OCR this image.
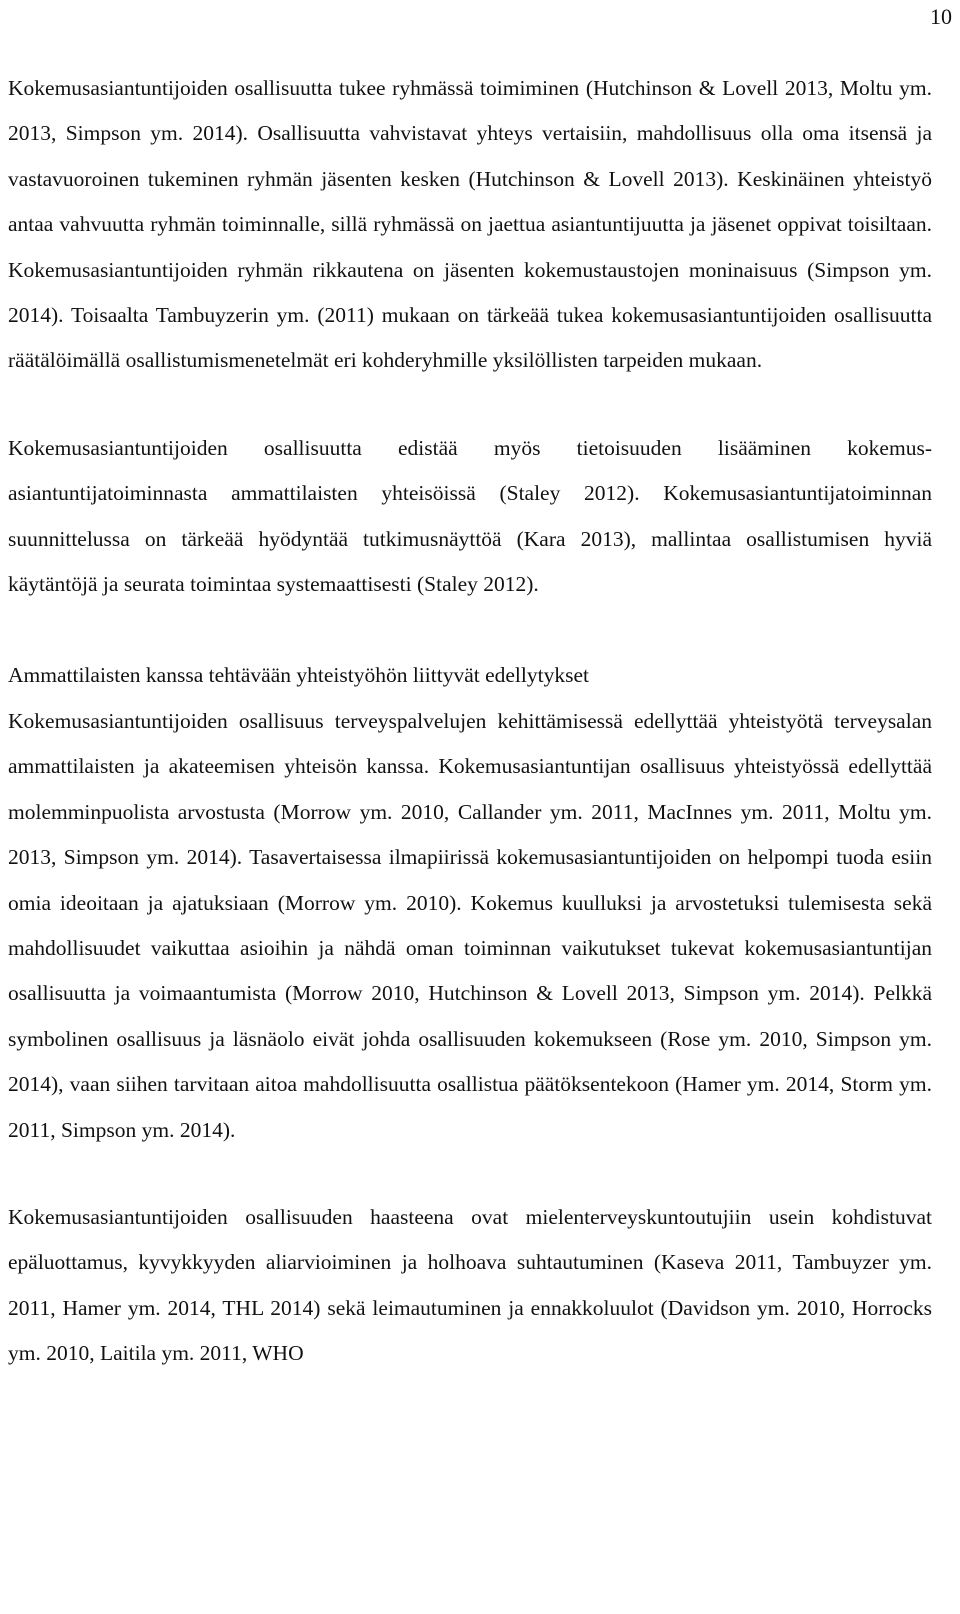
10

Kokemusasiantuntijoiden osallisuutta tukee ryhmässä toimiminen (Hutchinson & Lovell 2013, Moltu ym. 2013, Simpson ym. 2014). Osallisuutta vahvistavat yhteys vertaisiin, mahdollisuus olla oma itsensä ja vastavuoroinen tukeminen ryhmän jäsenten kesken (Hutchinson & Lovell 2013). Keskinäinen yhteistyö antaa vahvuutta ryhmän toiminnalle, sillä ryhmässä on jaettua asiantuntijuutta ja jäsenet oppivat toisiltaan. Kokemusasiantuntijoiden ryhmän rikkautena on jäsenten kokemustaustojen moninaisuus (Simpson ym. 2014). Toisaalta Tambuyzerin ym. (2011) mukaan on tärkeää tukea kokemusasiantuntijoiden osallisuutta räätälöimällä osallistumismenetelmät eri kohderyhmille yksilöllisten tarpeiden mukaan.

Kokemusasiantuntijoiden osallisuutta edistää myös tietoisuuden lisääminen kokemusasiantuntijatoiminnasta ammattilaisten yhteisöissä (Staley 2012). Kokemusasiantuntijatoiminnan suunnittelussa on tärkeää hyödyntää tutkimusnäyttöä (Kara 2013), mallintaa osallistumisen hyviä käytäntöjä ja seurata toimintaa systemaattisesti (Staley 2012).

Ammattilaisten kanssa tehtävään yhteistyöhön liittyvät edellytykset

Kokemusasiantuntijoiden osallisuus terveyspalvelujen kehittämisessä edellyttää yhteistyötä terveysalan ammattilaisten ja akateemisen yhteisön kanssa. Kokemusasiantuntijan osallisuus yhteistyössä edellyttää molemminpuolista arvostusta (Morrow ym. 2010, Callander ym. 2011, MacInnes ym. 2011, Moltu ym. 2013, Simpson ym. 2014). Tasavertaisessa ilmapiirissä kokemusasiantuntijoiden on helpompi tuoda esiin omia ideoitaan ja ajatuksiaan (Morrow ym. 2010). Kokemus kuulluksi ja arvostetuksi tulemisesta sekä mahdollisuudet vaikuttaa asioihin ja nähdä oman toiminnan vaikutukset tukevat kokemusasiantuntijan osallisuutta ja voimaantumista (Morrow 2010, Hutchinson & Lovell 2013, Simpson ym. 2014). Pelkkä symbolinen osallisuus ja läsnäolo eivät johda osallisuuden kokemukseen (Rose ym. 2010, Simpson ym. 2014), vaan siihen tarvitaan aitoa mahdollisuutta osallistua päätöksentekoon (Hamer ym. 2014, Storm ym. 2011, Simpson ym. 2014).

Kokemusasiantuntijoiden osallisuuden haasteena ovat mielenterveyskuntoutujiin usein kohdistuvat epäluottamus, kyvykkyyden aliarvioiminen ja holhoava suhtautuminen (Kaseva 2011, Tambuyzer ym. 2011, Hamer ym. 2014, THL 2014) sekä leimautuminen ja ennakkoluulot (Davidson ym. 2010, Horrocks ym. 2010, Laitila ym. 2011, WHO
